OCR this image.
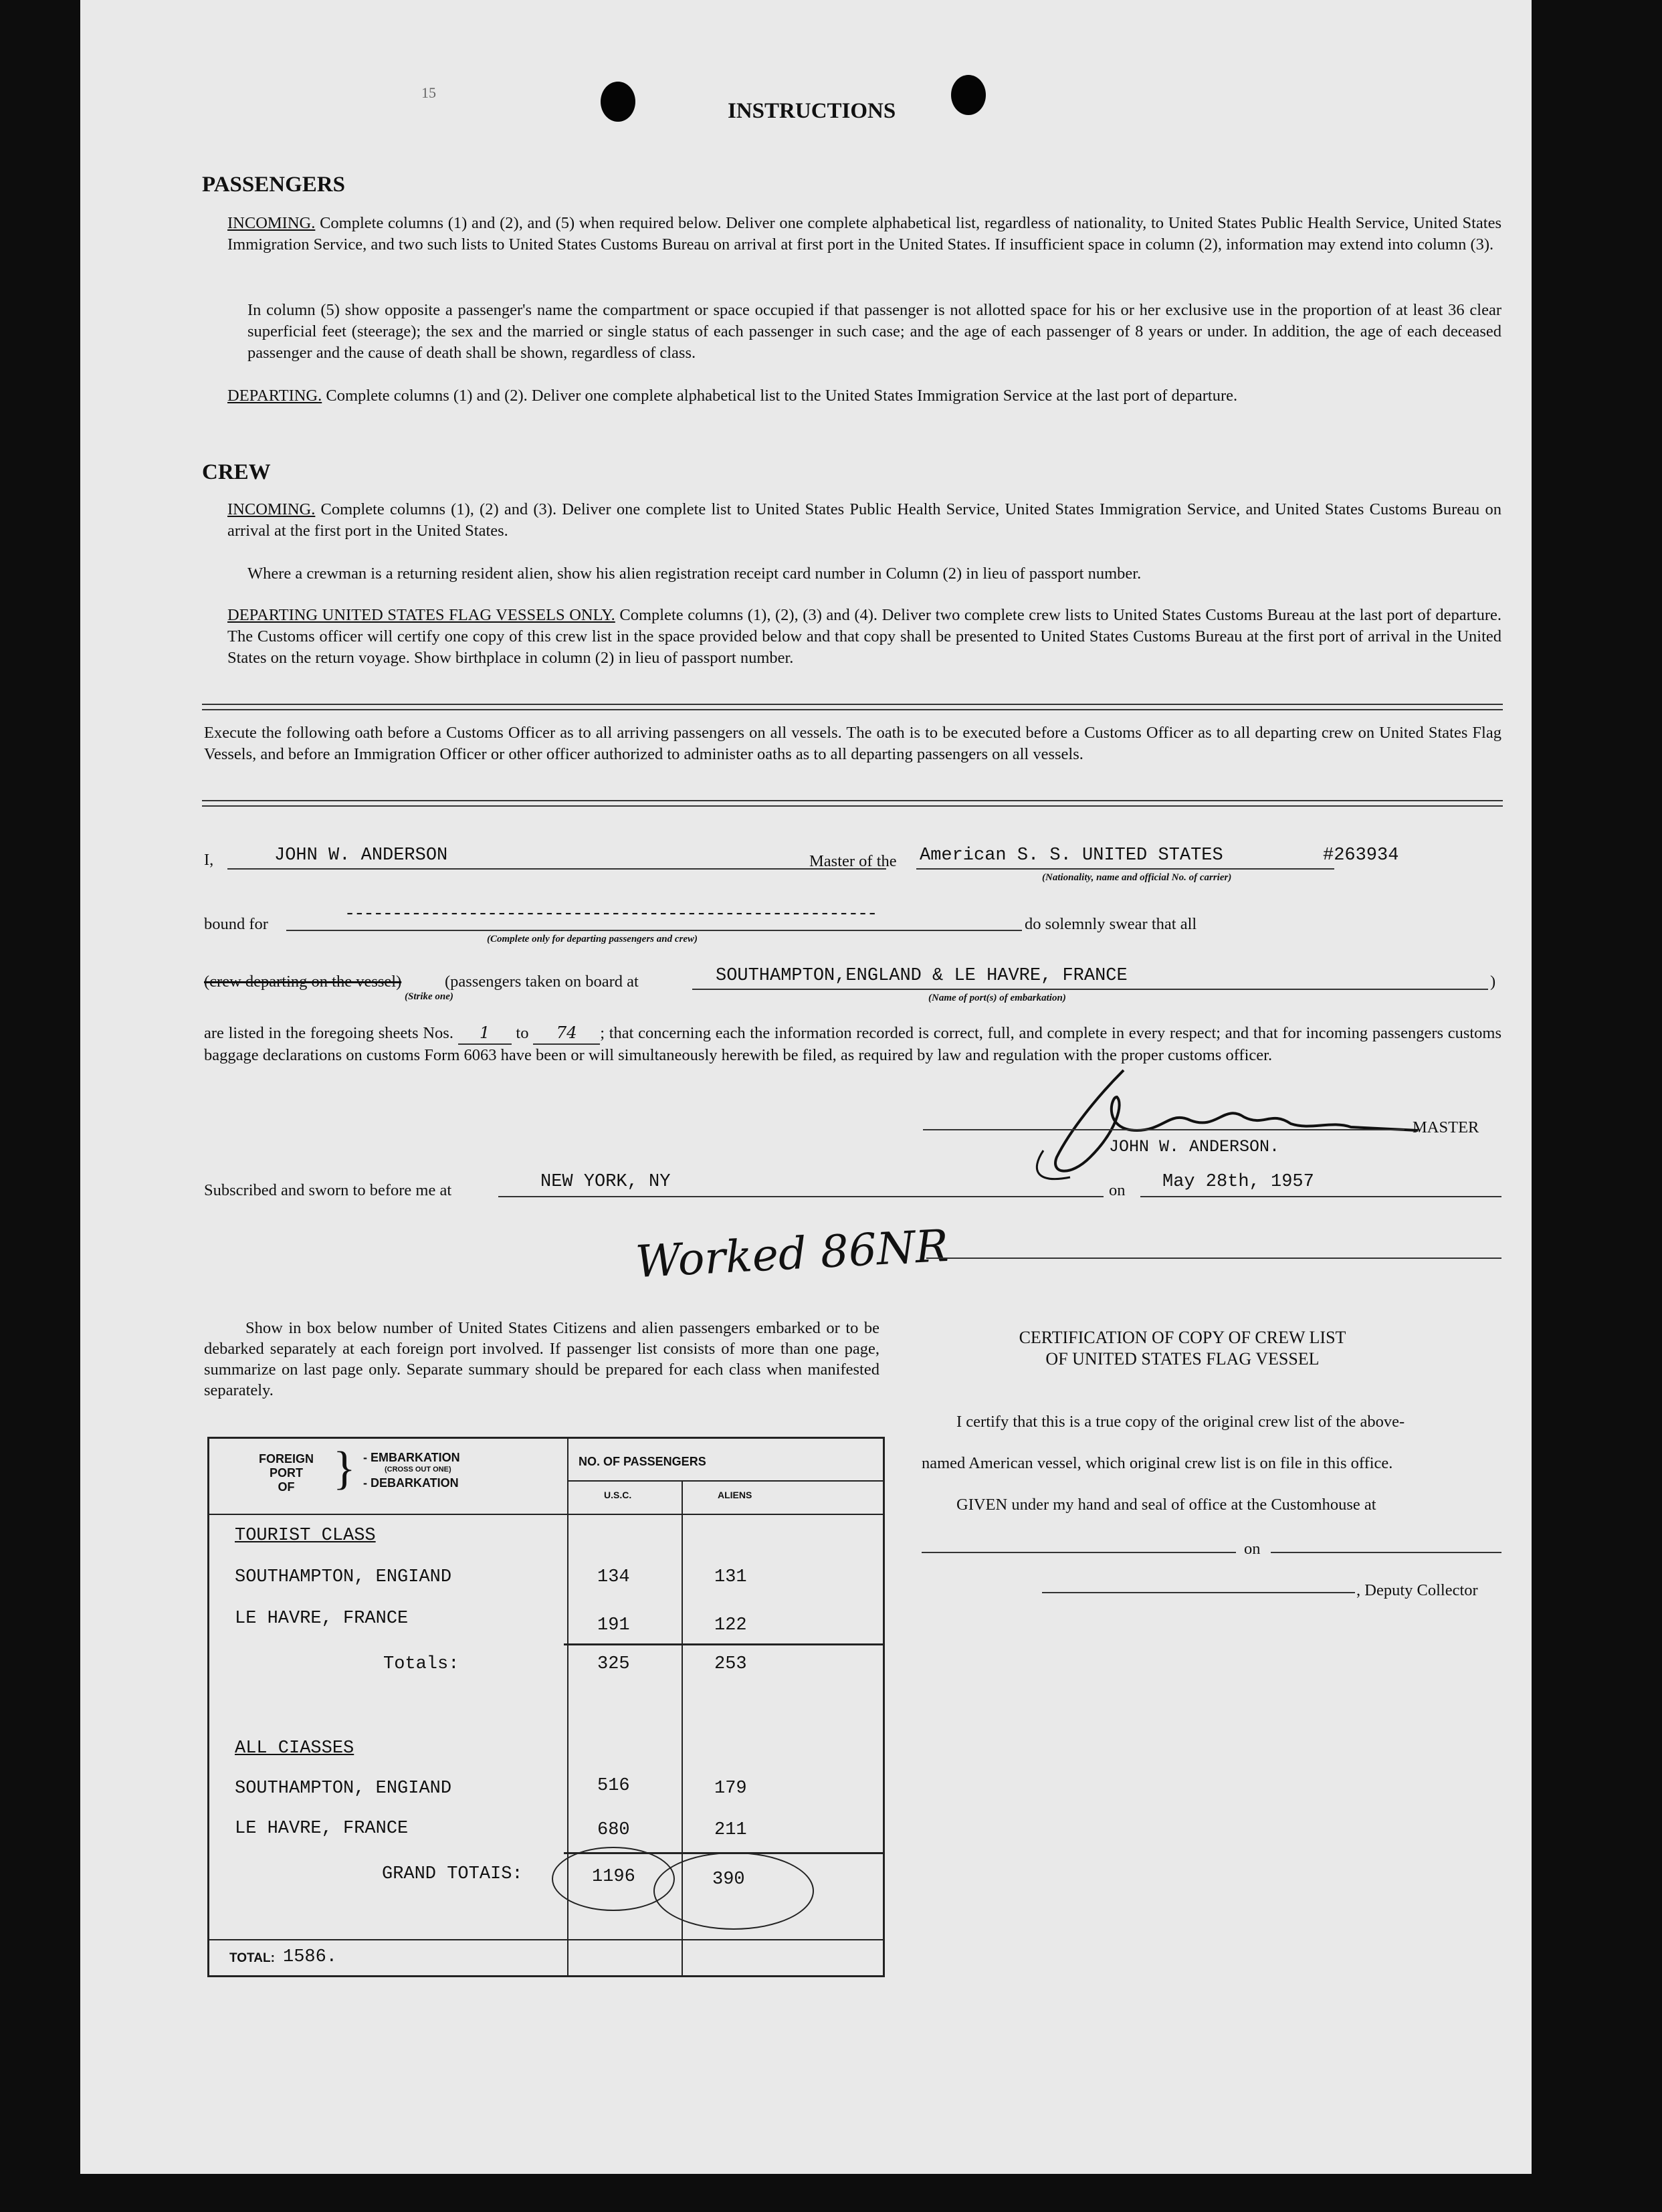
15
INSTRUCTIONS
PASSENGERS
INCOMING. Complete columns (1) and (2), and (5) when required below. Deliver one complete alphabetical list, regardless of nationality, to United States Public Health Service, United States Immigration Service, and two such lists to United States Customs Bureau on arrival at first port in the United States. If insufficient space in column (2), information may extend into column (3).
In column (5) show opposite a passenger's name the compartment or space occupied if that passenger is not allotted space for his or her exclusive use in the proportion of at least 36 clear superficial feet (steerage); the sex and the married or single status of each passenger in such case; and the age of each passenger of 8 years or under. In addition, the age of each deceased passenger and the cause of death shall be shown, regardless of class.
DEPARTING. Complete columns (1) and (2). Deliver one complete alphabetical list to the United States Immigration Service at the last port of departure.
CREW
INCOMING. Complete columns (1), (2) and (3). Deliver one complete list to United States Public Health Service, United States Immigration Service, and United States Customs Bureau on arrival at the first port in the United States.
Where a crewman is a returning resident alien, show his alien registration receipt card number in Column (2) in lieu of passport number.
DEPARTING UNITED STATES FLAG VESSELS ONLY. Complete columns (1), (2), (3) and (4). Deliver two complete crew lists to United States Customs Bureau at the last port of departure. The Customs officer will certify one copy of this crew list in the space provided below and that copy shall be presented to United States Customs Bureau at the first port of arrival in the United States on the return voyage. Show birthplace in column (2) in lieu of passport number.
Execute the following oath before a Customs Officer as to all arriving passengers on all vessels. The oath is to be executed before a Customs Officer as to all departing crew on United States Flag Vessels, and before an Immigration Officer or other officer authorized to administer oaths as to all departing passengers on all vessels.
I,	JOHN W. ANDERSON	Master of the American S. S. UNITED STATES	#263934
(Nationality, name and official No. of carrier)
bound for	--------------------------------------------------------
(Complete only for departing passengers and crew)
do solemnly swear that all
(crew departing on the vessel)
(Strike one)
(passengers taken on board at	SOUTHAMPTON,ENGLAND & LE HAVRE, FRANCE
(Name of port(s) of embarkation)
)
are listed in the foregoing sheets Nos. 1 to 74 ; that concerning each the information recorded is correct, full, and complete in every respect; and that for incoming passengers customs baggage declarations on customs Form 6063 have been or will simultaneously herewith be filed, as required by law and regulation with the proper customs officer.
MASTER
JOHN W. ANDERSON.
Subscribed and sworn to before me at	NEW YORK, NY	on May 28th, 1957
Worked 86NR
Show in box below number of United States Citizens and alien passengers embarked or to be debarked separately at each foreign port involved. If passenger list consists of more than one page, summarize on last page only. Separate summary should be prepared for each class when manifested separately.
FOREIGN
PORT
OF } - EMBARKATION
(CROSS OUT ONE)
- DEBARKATION
NO. OF PASSENGERS
U.S.C.	ALIENS
TOURIST CLASS
SOUTHAMPTON, ENGIAND	134	131
LE HAVRE, FRANCE	191	122
Totals:	325	253
ALL CIASSES
SOUTHAMPTON, ENGIAND	516	179
LE HAVRE, FRANCE	680	211
GRAND TOTAIS:	1196	390
TOTAL: 1586.
CERTIFICATION OF COPY OF CREW LIST
OF UNITED STATES FLAG VESSEL
I certify that this is a true copy of the original crew list of the above-
named American vessel, which original crew list is on file in this office.
GIVEN under my hand and seal of office at the Customhouse at
on
, Deputy Collector
